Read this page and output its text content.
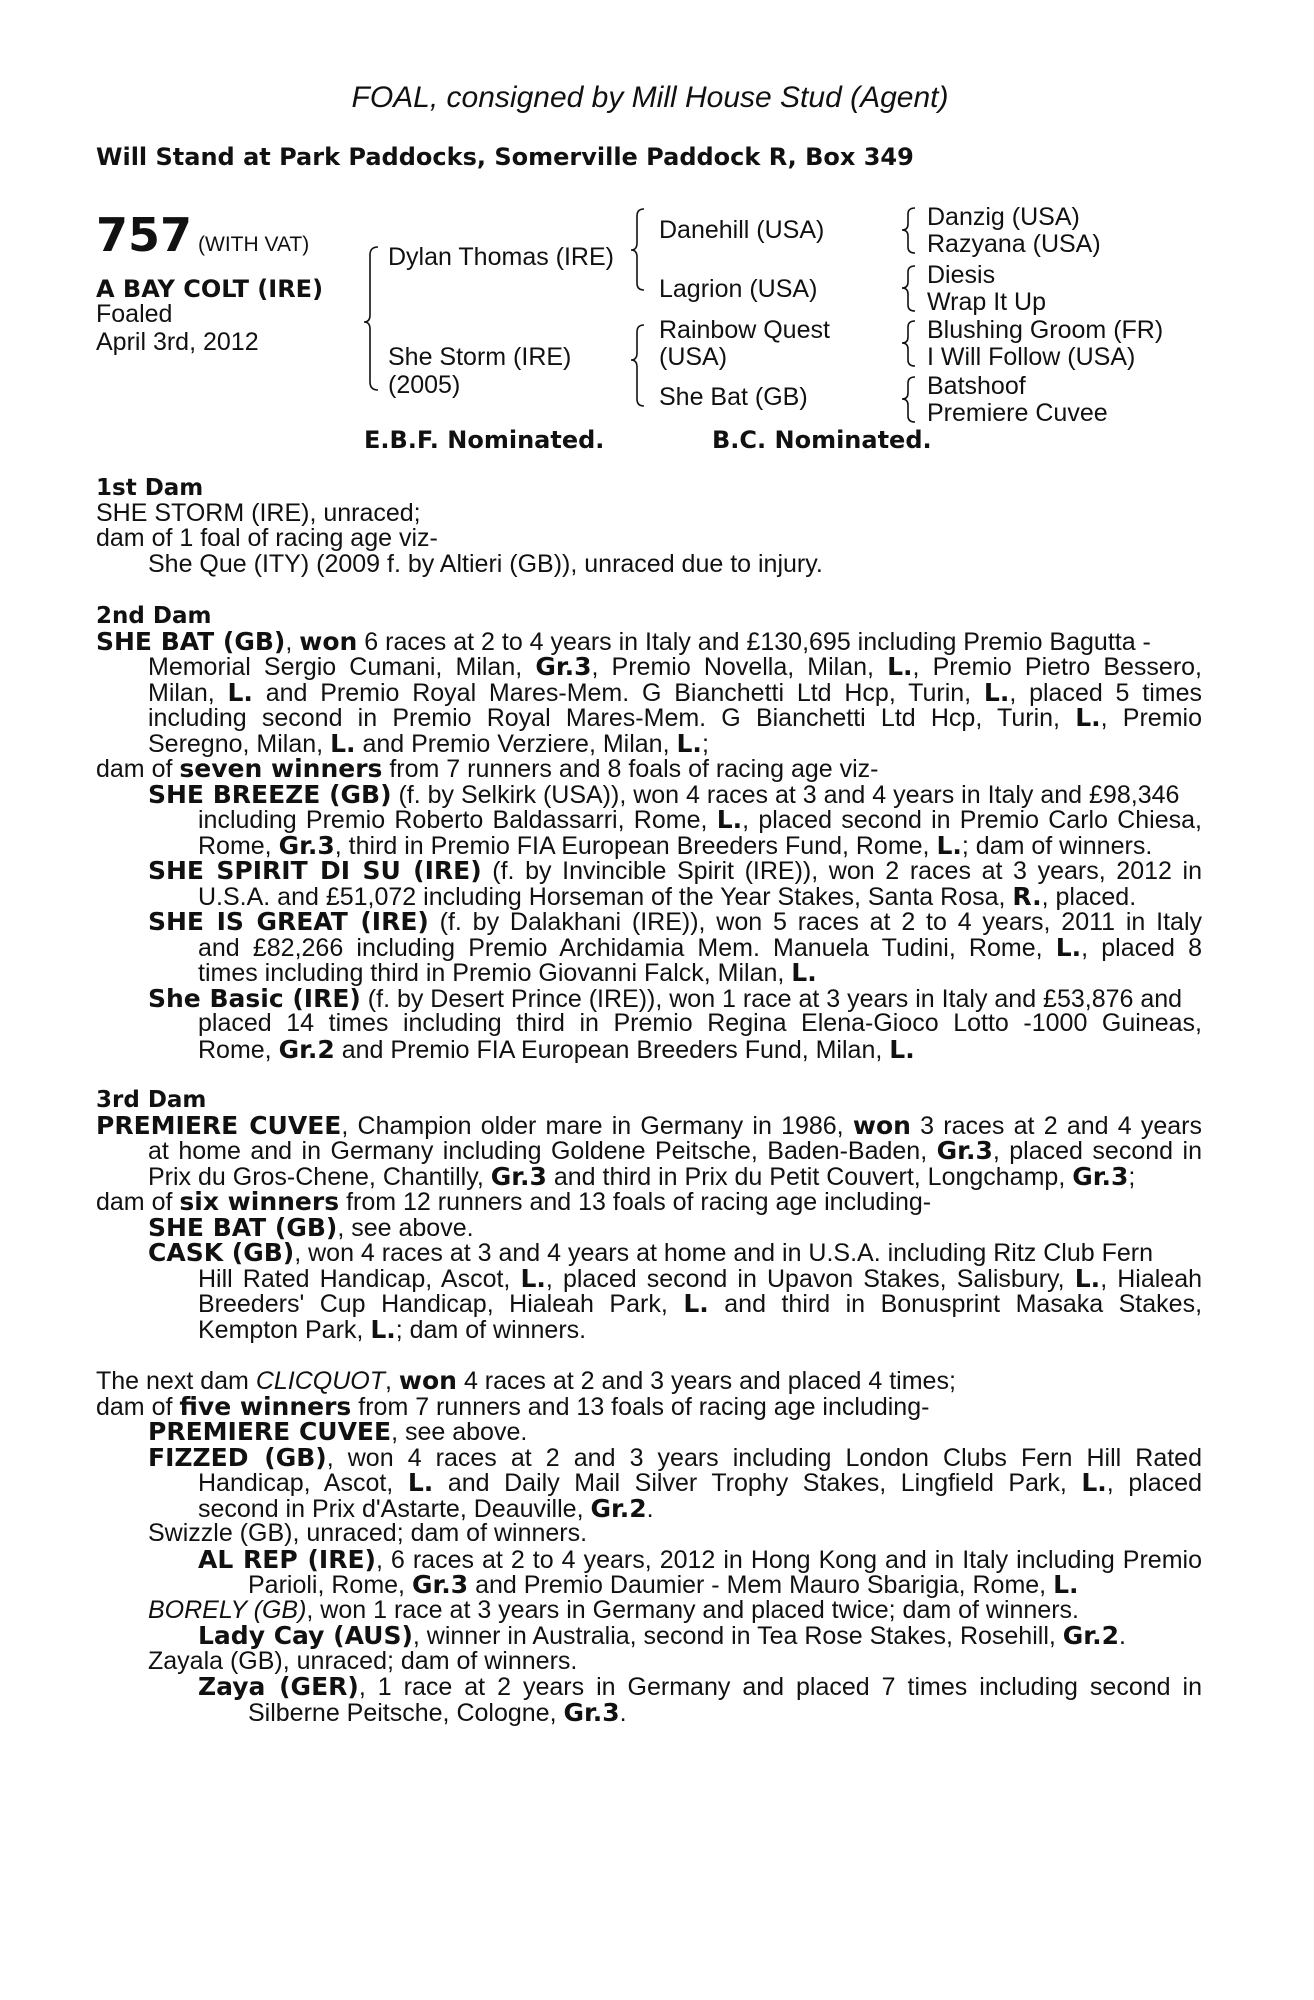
FOAL, consigned by Mill House Stud (Agent)
Will Stand at Park Paddocks, Somerville Paddock R, Box 349
757 (WITH VAT)
A BAY COLT (IRE)
Foaled
April 3rd, 2012
Dylan Thomas (IRE)
She Storm (IRE)
(2005)
Danehill (USA)
Lagrion (USA)
Rainbow Quest
(USA)
She Bat (GB)
Danzig (USA)
Razyana (USA)
Diesis
Wrap It Up
Blushing Groom (FR)
I Will Follow (USA)
Batshoof
Premiere Cuvee
E.B.F. Nominated.	B.C. Nominated.
1st Dam
SHE STORM (IRE), unraced;
dam of 1 foal of racing age viz-
She Que (ITY) (2009 f. by Altieri (GB)), unraced due to injury.
2nd Dam
SHE BAT (GB), won 6 races at 2 to 4 years in Italy and £130,695 including Premio Bagutta -
Memorial Sergio Cumani, Milan, Gr.3, Premio Novella, Milan, L., Premio Pietro Bessero,
Milan, L. and Premio Royal Mares-Mem. G Bianchetti Ltd Hcp, Turin, L., placed 5 times
including second in Premio Royal Mares-Mem. G Bianchetti Ltd Hcp, Turin, L., Premio
Seregno, Milan, L. and Premio Verziere, Milan, L.;
dam of seven winners from 7 runners and 8 foals of racing age viz-
SHE BREEZE (GB) (f. by Selkirk (USA)), won 4 races at 3 and 4 years in Italy and £98,346
including Premio Roberto Baldassarri, Rome, L., placed second in Premio Carlo Chiesa,
Rome, Gr.3, third in Premio FIA European Breeders Fund, Rome, L.; dam of winners.
SHE SPIRIT DI SU (IRE) (f. by Invincible Spirit (IRE)), won 2 races at 3 years, 2012 in
U.S.A. and £51,072 including Horseman of the Year Stakes, Santa Rosa, R., placed.
SHE IS GREAT (IRE) (f. by Dalakhani (IRE)), won 5 races at 2 to 4 years, 2011 in Italy
and £82,266 including Premio Archidamia Mem. Manuela Tudini, Rome, L., placed 8
times including third in Premio Giovanni Falck, Milan, L.
She Basic (IRE) (f. by Desert Prince (IRE)), won 1 race at 3 years in Italy and £53,876 and
placed 14 times including third in Premio Regina Elena-Gioco Lotto -1000 Guineas,
Rome, Gr.2 and Premio FIA European Breeders Fund, Milan, L.
3rd Dam
PREMIERE CUVEE, Champion older mare in Germany in 1986, won 3 races at 2 and 4 years
at home and in Germany including Goldene Peitsche, Baden-Baden, Gr.3, placed second in
Prix du Gros-Chene, Chantilly, Gr.3 and third in Prix du Petit Couvert, Longchamp, Gr.3;
dam of six winners from 12 runners and 13 foals of racing age including-
SHE BAT (GB), see above.
CASK (GB), won 4 races at 3 and 4 years at home and in U.S.A. including Ritz Club Fern
Hill Rated Handicap, Ascot, L., placed second in Upavon Stakes, Salisbury, L., Hialeah
Breeders' Cup Handicap, Hialeah Park, L. and third in Bonusprint Masaka Stakes,
Kempton Park, L.; dam of winners.
The next dam CLICQUOT, won 4 races at 2 and 3 years and placed 4 times;
dam of five winners from 7 runners and 13 foals of racing age including-
PREMIERE CUVEE, see above.
FIZZED (GB), won 4 races at 2 and 3 years including London Clubs Fern Hill Rated
Handicap, Ascot, L. and Daily Mail Silver Trophy Stakes, Lingfield Park, L., placed
second in Prix d'Astarte, Deauville, Gr.2.
Swizzle (GB), unraced; dam of winners.
AL REP (IRE), 6 races at 2 to 4 years, 2012 in Hong Kong and in Italy including Premio
Parioli, Rome, Gr.3 and Premio Daumier - Mem Mauro Sbarigia, Rome, L.
BORELY (GB), won 1 race at 3 years in Germany and placed twice; dam of winners.
Lady Cay (AUS), winner in Australia, second in Tea Rose Stakes, Rosehill, Gr.2.
Zayala (GB), unraced; dam of winners.
Zaya (GER), 1 race at 2 years in Germany and placed 7 times including second in
Silberne Peitsche, Cologne, Gr.3.
